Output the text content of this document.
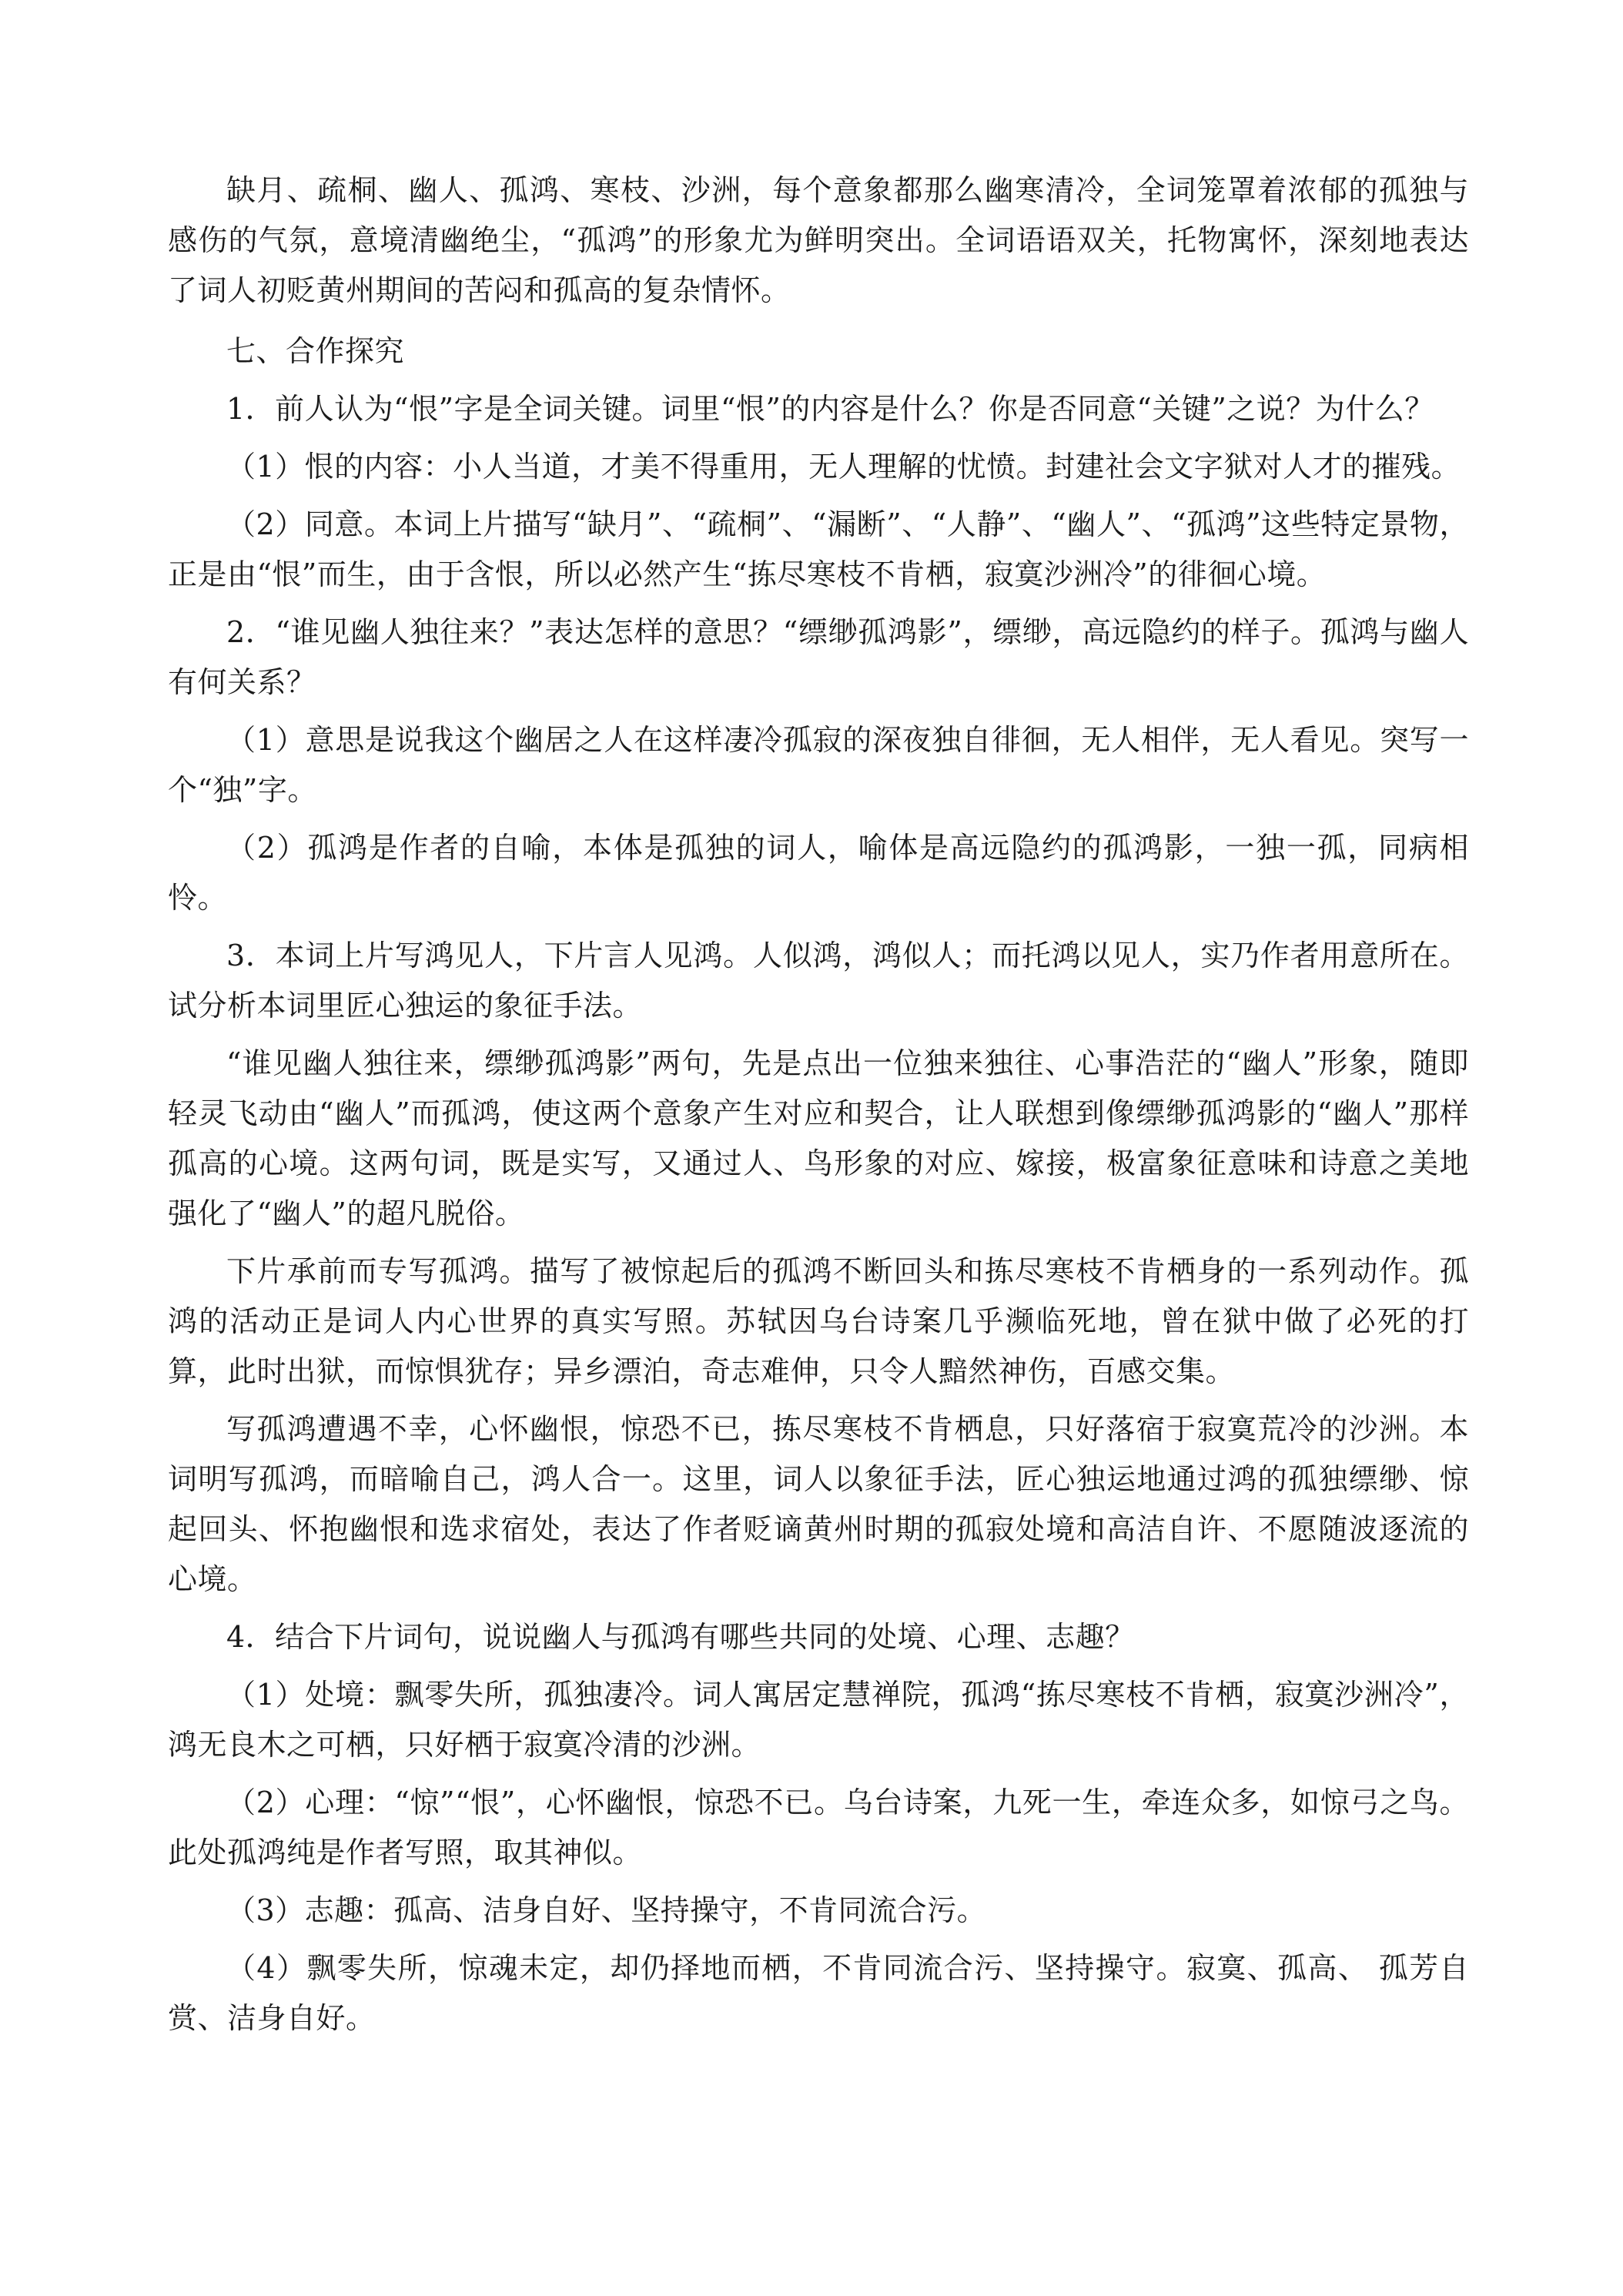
缺月、疏桐、幽人、孤鸿、寒枝、沙洲，每个意象都那么幽寒清冷，全词笼罩着浓郁的孤独与感伤的气氛，意境清幽绝尘，“孤鸿”的形象尤为鲜明突出。全词语语双关，托物寓怀，深刻地表达了词人初贬黄州期间的苦闷和孤高的复杂情怀。

七、合作探究

1．前人认为“恨”字是全词关键。词里“恨”的内容是什么？你是否同意“关键”之说？为什么？

（1）恨的内容：小人当道，才美不得重用，无人理解的忧愤。封建社会文字狱对人才的摧残。

（2）同意。本词上片描写“缺月”、“疏桐”、“漏断”、“人静”、“幽人”、“孤鸿”这些特定景物，正是由“恨”而生，由于含恨，所以必然产生“拣尽寒枝不肯栖，寂寞沙洲冷”的徘徊心境。

2．“谁见幽人独往来？”表达怎样的意思？“缥缈孤鸿影”，缥缈，高远隐约的样子。孤鸿与幽人有何关系？

（1）意思是说我这个幽居之人在这样凄冷孤寂的深夜独自徘徊，无人相伴，无人看见。突写一个“独”字。

（2）孤鸿是作者的自喻，本体是孤独的词人，喻体是高远隐约的孤鸿影，一独一孤，同病相怜。

3．本词上片写鸿见人，下片言人见鸿。人似鸿，鸿似人；而托鸿以见人，实乃作者用意所在。试分析本词里匠心独运的象征手法。

“谁见幽人独往来，缥缈孤鸿影”两句，先是点出一位独来独往、心事浩茫的“幽人”形象，随即轻灵飞动由“幽人”而孤鸿，使这两个意象产生对应和契合，让人联想到像缥缈孤鸿影的“幽人”那样孤高的心境。这两句词，既是实写，又通过人、鸟形象的对应、嫁接，极富象征意味和诗意之美地强化了“幽人”的超凡脱俗。

下片承前而专写孤鸿。描写了被惊起后的孤鸿不断回头和拣尽寒枝不肯栖身的一系列动作。孤鸿的活动正是词人内心世界的真实写照。苏轼因乌台诗案几乎濒临死地，曾在狱中做了必死的打算，此时出狱，而惊惧犹存；异乡漂泊，奇志难伸，只令人黯然神伤，百感交集。

写孤鸿遭遇不幸，心怀幽恨，惊恐不已，拣尽寒枝不肯栖息，只好落宿于寂寞荒冷的沙洲。本词明写孤鸿，而暗喻自己，鸿人合一。这里，词人以象征手法，匠心独运地通过鸿的孤独缥缈、惊起回头、怀抱幽恨和选求宿处，表达了作者贬谪黄州时期的孤寂处境和高洁自许、不愿随波逐流的心境。

4．结合下片词句，说说幽人与孤鸿有哪些共同的处境、心理、志趣？

（1）处境：飘零失所，孤独凄冷。词人寓居定慧禅院，孤鸿“拣尽寒枝不肯栖，寂寞沙洲冷”，鸿无良木之可栖，只好栖于寂寞冷清的沙洲。

（2）心理：“惊”“恨”，心怀幽恨，惊恐不已。乌台诗案，九死一生，牵连众多，如惊弓之鸟。此处孤鸿纯是作者写照，取其神似。

（3）志趣：孤高、洁身自好、坚持操守，不肯同流合污。

（4）飘零失所，惊魂未定，却仍择地而栖，不肯同流合污、坚持操守。寂寞、孤高、 孤芳自赏、洁身自好。
